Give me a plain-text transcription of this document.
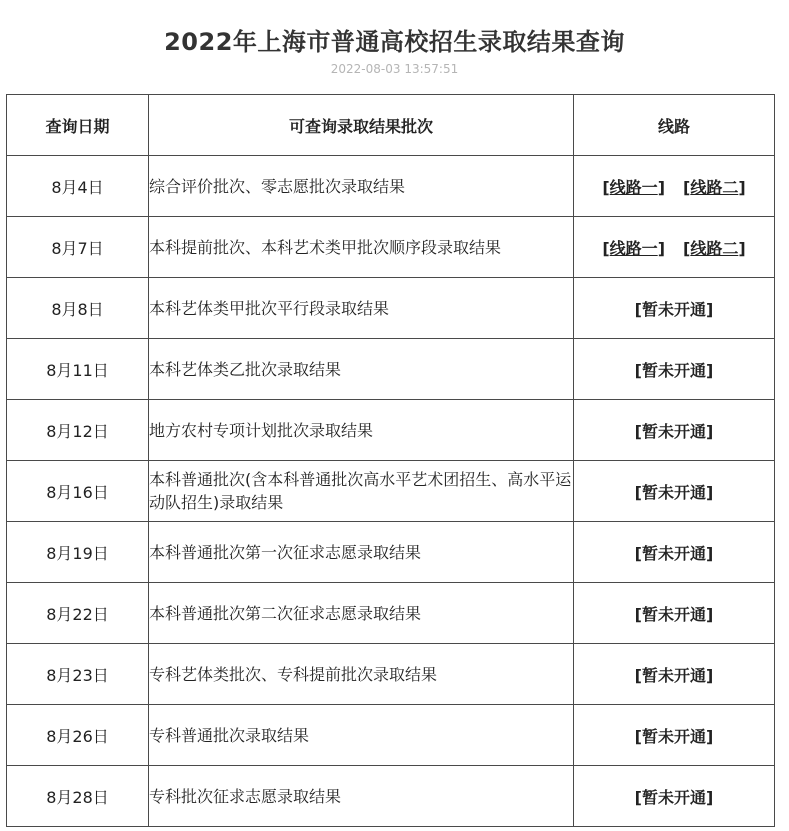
2022年上海市普通高校招生录取结果查询
2022-08-03 13:57:51
查询日期	可查询录取结果批次	线路
8月4日	综合评价批次、零志愿批次录取结果	[线路一] [线路二]
8月7日	本科提前批次、本科艺术类甲批次顺序段录取结果	[线路一] [线路二]
8月8日	本科艺体类甲批次平行段录取结果	[暂未开通]
8月11日	本科艺体类乙批次录取结果	[暂未开通]
8月12日	地方农村专项计划批次录取结果	[暂未开通]
8月16日	本科普通批次(含本科普通批次高水平艺术团招生、高水平运动队招生)录取结果	[暂未开通]
8月19日	本科普通批次第一次征求志愿录取结果	[暂未开通]
8月22日	本科普通批次第二次征求志愿录取结果	[暂未开通]
8月23日	专科艺体类批次、专科提前批次录取结果	[暂未开通]
8月26日	专科普通批次录取结果	[暂未开通]
8月28日	专科批次征求志愿录取结果	[暂未开通]
